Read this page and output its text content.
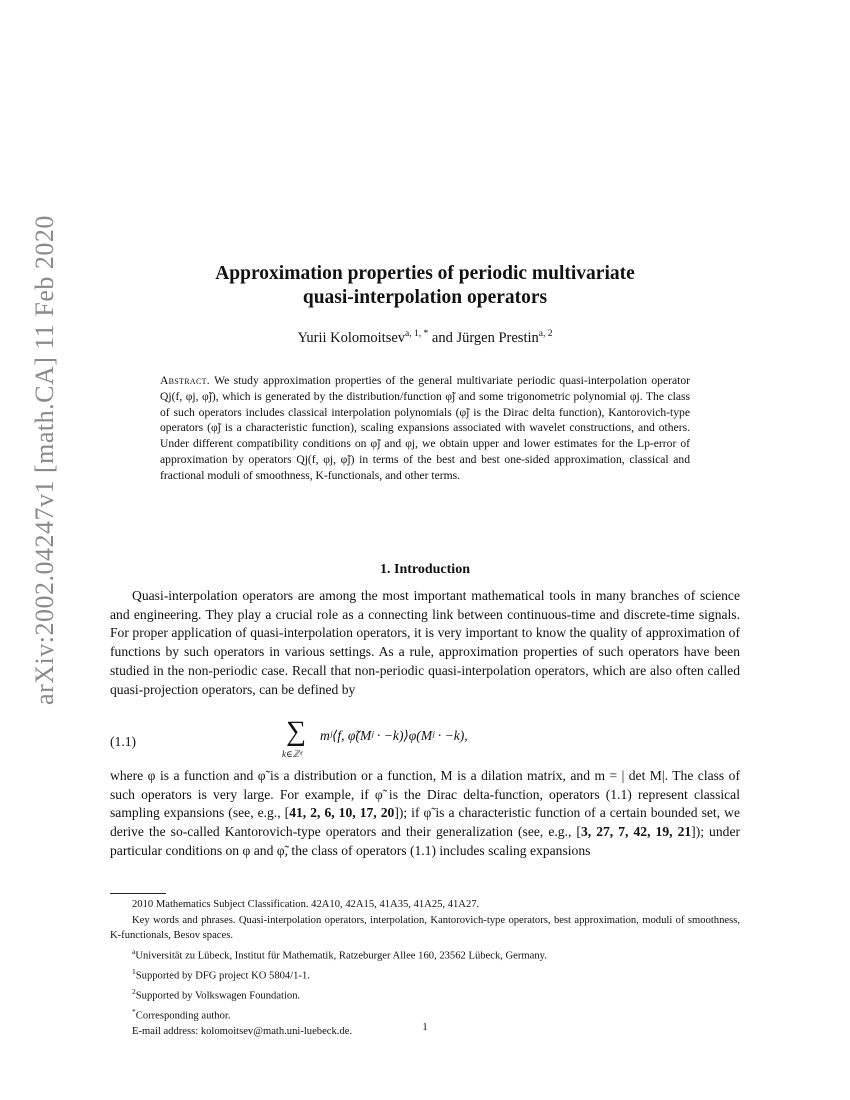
arXiv:2002.04247v1 [math.CA] 11 Feb 2020	Approximation properties of periodic multivariate
quasi-interpolation operators
Yurii Kolomoitsev$^{a, 1, *}$ and Jürgen Prestin$^{a, 2}$
Abstract. We study approximation properties of the general multivariate periodic quasi-interpolation operator Qj(f, φj, φ̃j), which is generated by the distribution/function φ̃j and some trigonometric polynomial φj. The class of such operators includes classical interpolation polynomials (φ̃j is the Dirac delta function), Kantorovich-type operators (φ̃j is a characteristic function), scaling expansions associated with wavelet constructions, and others. Under different compatibility conditions on φ̃j and φj, we obtain upper and lower estimates for the Lp-error of approximation by operators Qj(f, φj, φ̃j) in terms of the best and best one-sided approximation, classical and fractional moduli of smoothness, K-functionals, and other terms.
1. Introduction
Quasi-interpolation operators are among the most important mathematical tools in many branches of science and engineering. They play a crucial role as a connecting link between continuous-time and discrete-time signals. For proper application of quasi-interpolation operators, it is very important to know the quality of approximation of functions by such operators in various settings. As a rule, approximation properties of such operators have been studied in the non-periodic case. Recall that non-periodic quasi-interpolation operators, which are also often called quasi-projection operators, can be defined by
(1.1)	∑
k∈ℤᵈ
mʲ⟨f, φ̃(Mʲ · −k)⟩φ(Mʲ · −k),
where φ is a function and φ̃ is a distribution or a function, M is a dilation matrix, and m = | det M|. The class of such operators is very large. For example, if φ̃ is the Dirac delta-function, operators (1.1) represent classical sampling expansions (see, e.g., [41, 2, 6, 10, 17, 20]); if φ̃ is a characteristic function of a certain bounded set, we derive the so-called Kantorovich-type operators and their generalization (see, e.g., [3, 27, 7, 42, 19, 21]); under particular conditions on φ and φ̃, the class of operators (1.1) includes scaling expansions
2010 Mathematics Subject Classification. 42A10, 42A15, 41A35, 41A25, 41A27.
Key words and phrases. Quasi-interpolation operators, interpolation, Kantorovich-type operators, best approximation, moduli of smoothness, K-functionals, Besov spaces.
$^a$Universität zu Lübeck, Institut für Mathematik, Ratzeburger Allee 160, 23562 Lübeck, Germany.
$^1$Supported by DFG project KO 5804/1-1.
$^2$Supported by Volkswagen Foundation.
*Corresponding author.
E-mail address: kolomoitsev@math.uni-luebeck.de.	1
